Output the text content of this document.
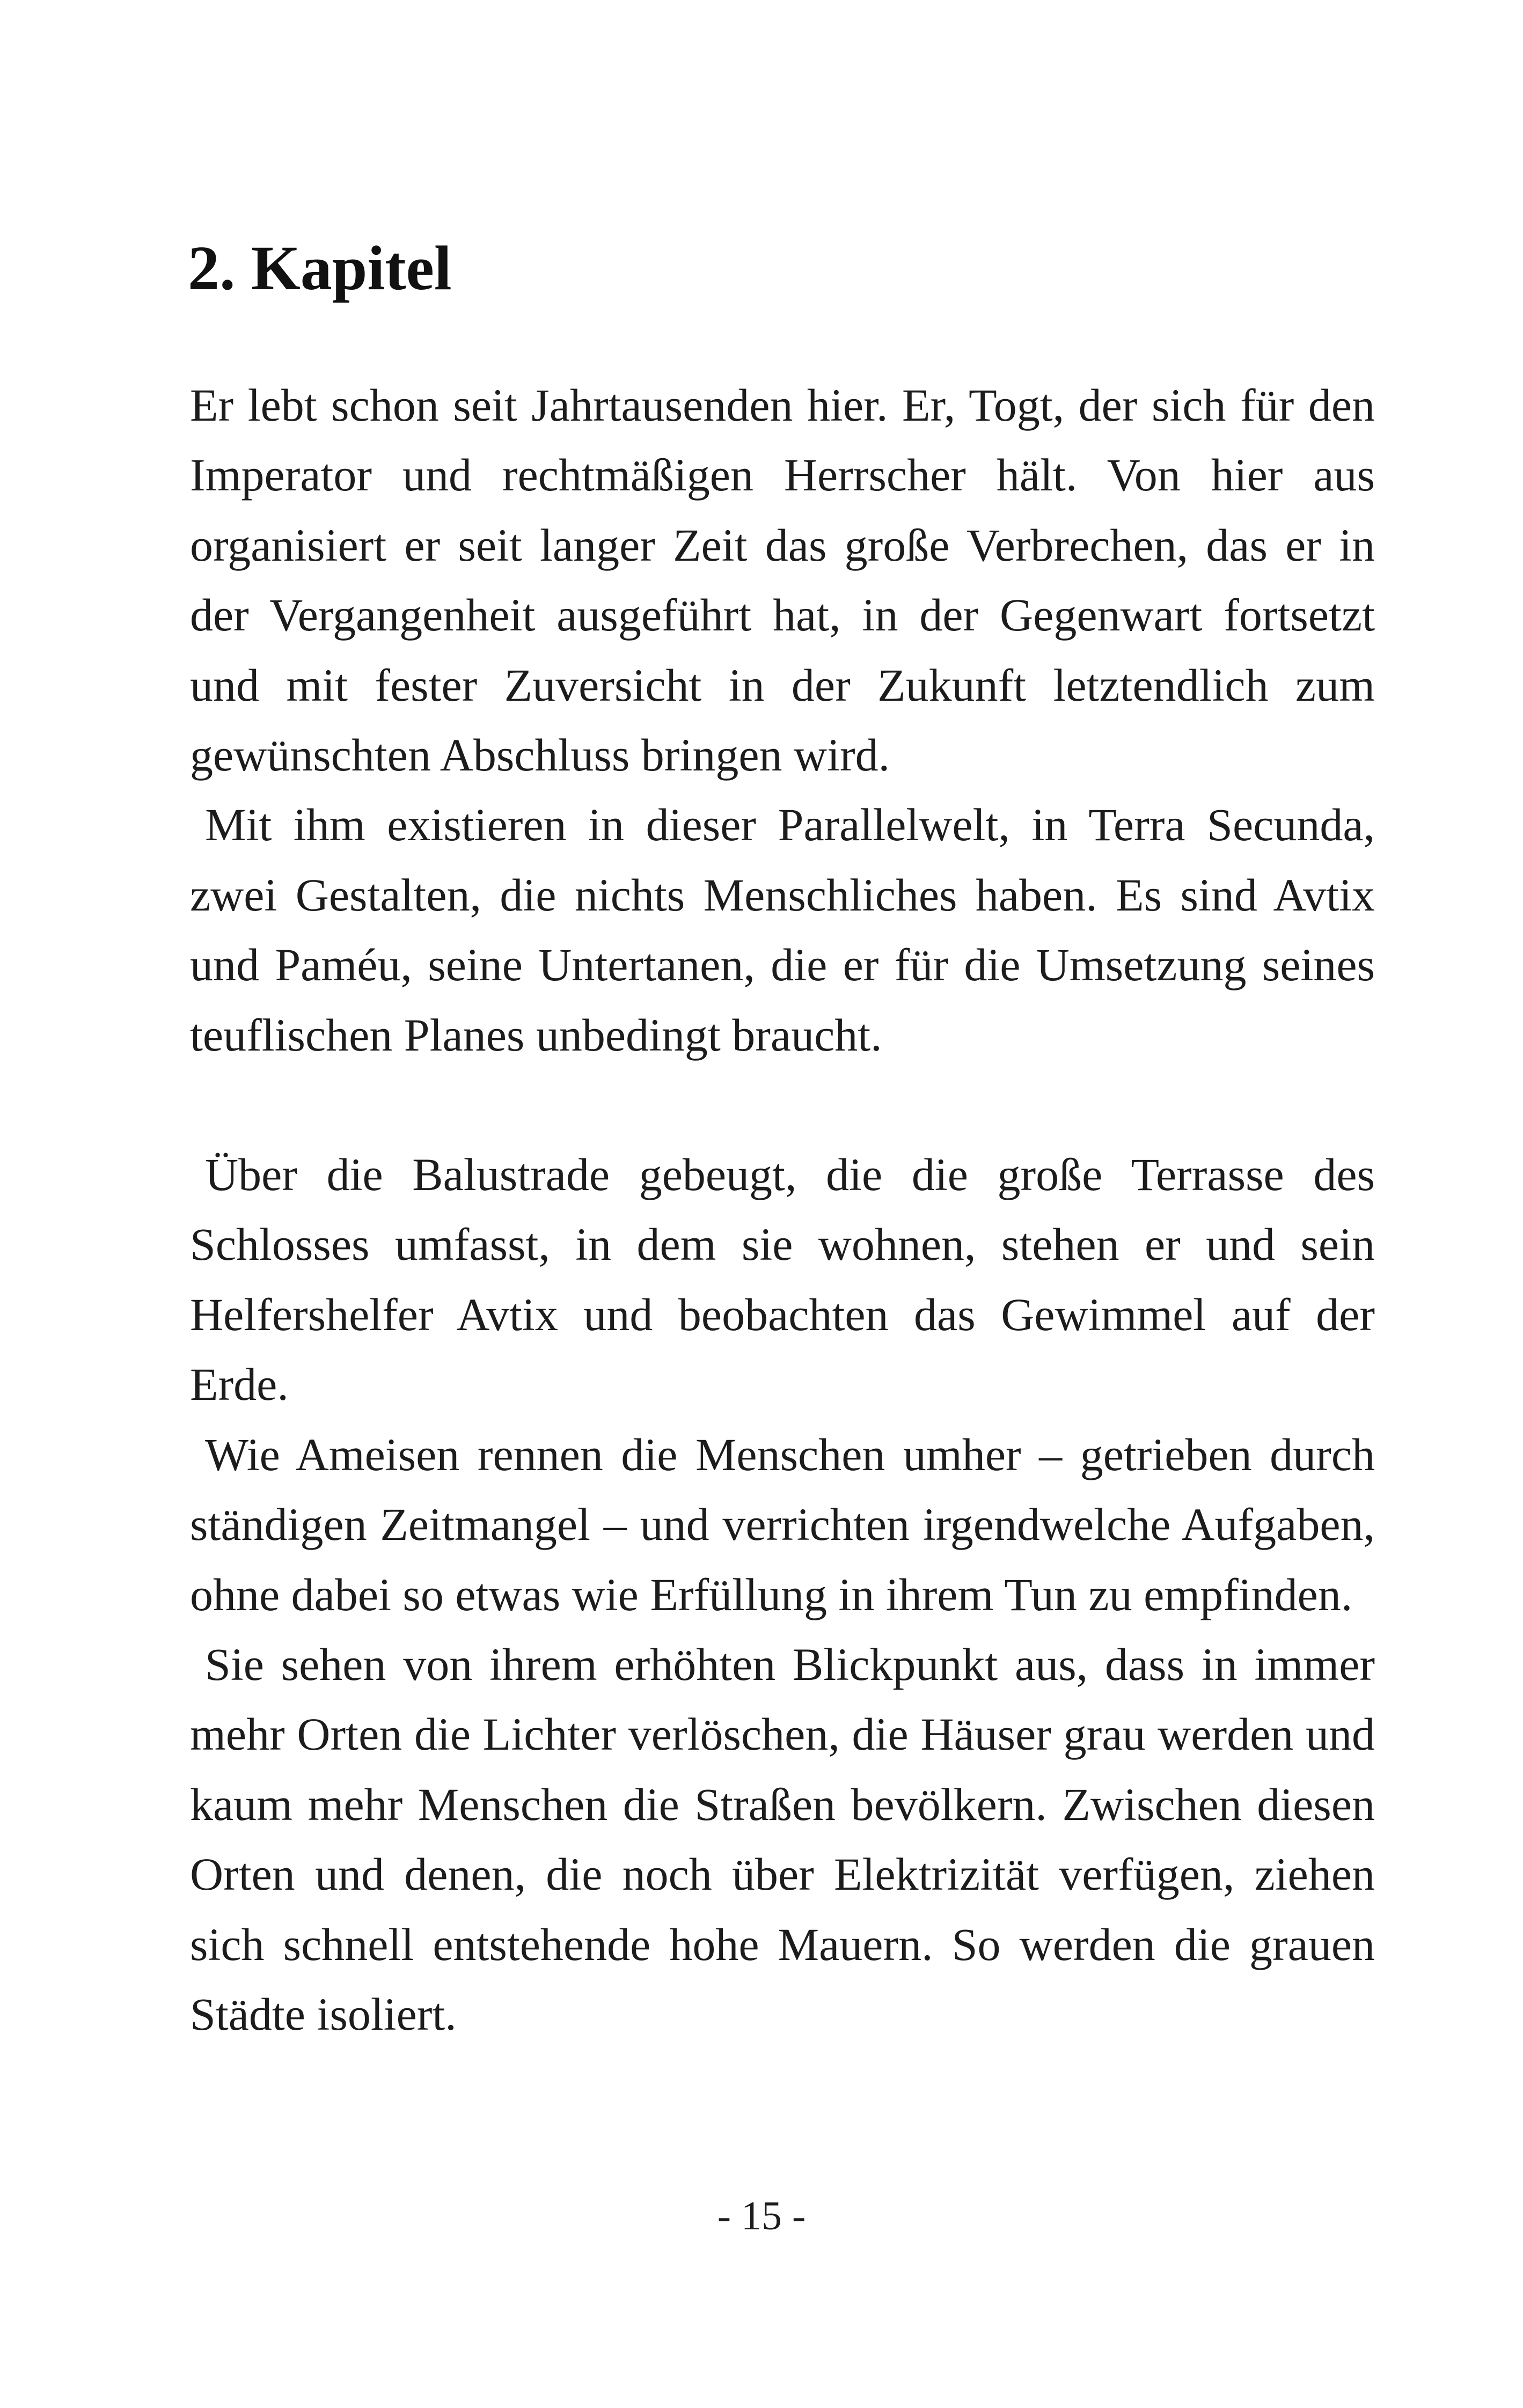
2. Kapitel

Er lebt schon seit Jahrtausenden hier. Er, Togt, der sich für den Imperator und rechtmäßigen Herrscher hält. Von hier aus organisiert er seit langer Zeit das große Verbrechen, das er in der Vergangenheit ausgeführt hat, in der Gegenwart fortsetzt und mit fester Zuversicht in der Zukunft letztendlich zum gewünschten Abschluss bringen wird.

Mit ihm existieren in dieser Parallelwelt, in Terra Secunda, zwei Gestalten, die nichts Menschliches haben. Es sind Avtix und Paméu, seine Untertanen, die er für die Umsetzung seines teuflischen Planes unbedingt braucht.

Über die Balustrade gebeugt, die die große Terrasse des Schlosses umfasst, in dem sie wohnen, stehen er und sein Helfershelfer Avtix und beobachten das Gewimmel auf der Erde.

Wie Ameisen rennen die Menschen umher – getrieben durch ständigen Zeitmangel – und verrichten irgendwelche Aufgaben, ohne dabei so etwas wie Erfüllung in ihrem Tun zu empfinden.

Sie sehen von ihrem erhöhten Blickpunkt aus, dass in immer mehr Orten die Lichter verlöschen, die Häuser grau werden und kaum mehr Menschen die Straßen bevölkern. Zwischen diesen Orten und denen, die noch über Elektrizität verfügen, ziehen sich schnell entstehende hohe Mauern. So werden die grauen Städte isoliert.

- 15 -
